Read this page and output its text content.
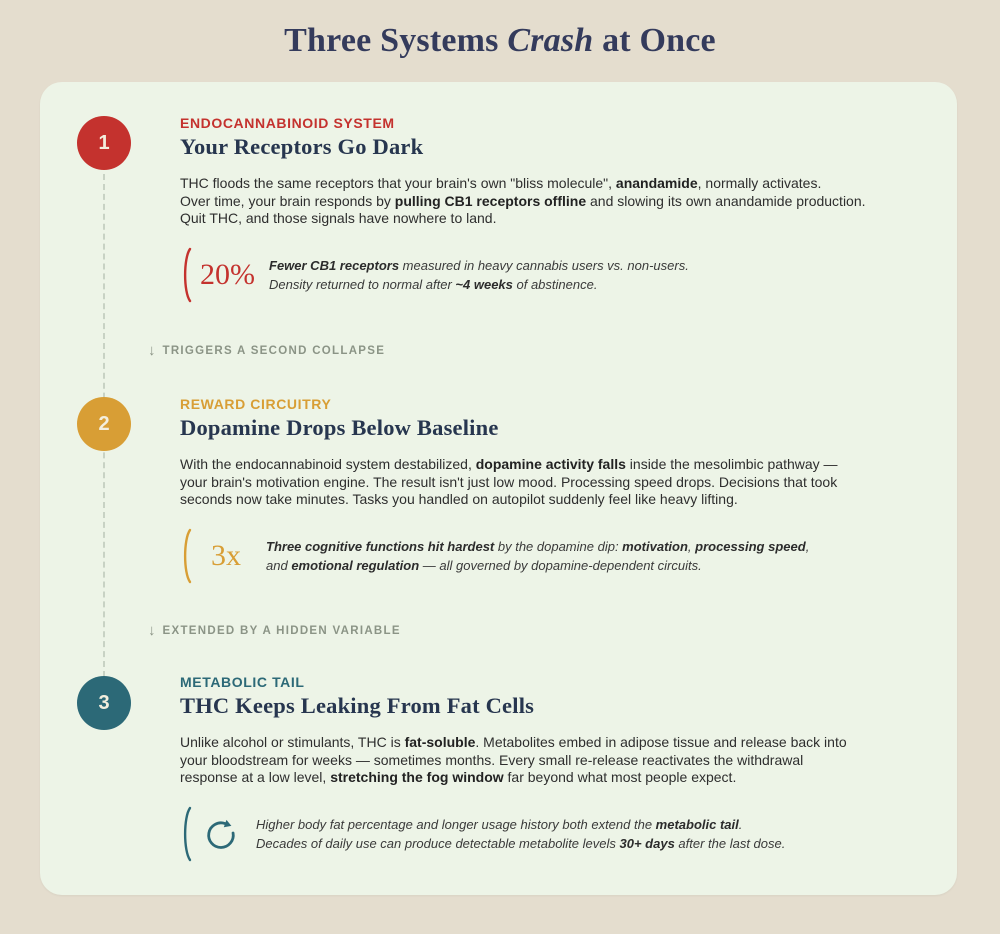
Three Systems Crash at Once
1
2
3
ENDOCANNABINOID SYSTEM
Your Receptors Go Dark

THC floods the same receptors that your brain's own "bliss molecule", anandamide, normally activates.
Over time, your brain responds by pulling CB1 receptors offline and slowing its own anandamide production.
Quit THC, and those signals have nowhere to land.

20% Fewer CB1 receptors measured in heavy cannabis users vs. non-users.
Density returned to normal after ~4 weeks of abstinence.
↓ TRIGGERS A SECOND COLLAPSE
REWARD CIRCUITRY
Dopamine Drops Below Baseline

With the endocannabinoid system destabilized, dopamine activity falls inside the mesolimbic pathway —
your brain's motivation engine. The result isn't just low mood. Processing speed drops. Decisions that took
seconds now take minutes. Tasks you handled on autopilot suddenly feel like heavy lifting.

3x	Three cognitive functions hit hardest by the dopamine dip: motivation, processing speed,
and emotional regulation — all governed by dopamine-dependent circuits.
↓ EXTENDED BY A HIDDEN VARIABLE
METABOLIC TAIL
THC Keeps Leaking From Fat Cells

Unlike alcohol or stimulants, THC is fat-soluble. Metabolites embed in adipose tissue and release back into
your bloodstream for weeks — sometimes months. Every small re-release reactivates the withdrawal
response at a low level, stretching the fog window far beyond what most people expect.

Higher body fat percentage and longer usage history both extend the metabolic tail.
Decades of daily use can produce detectable metabolite levels 30+ days after the last dose.
